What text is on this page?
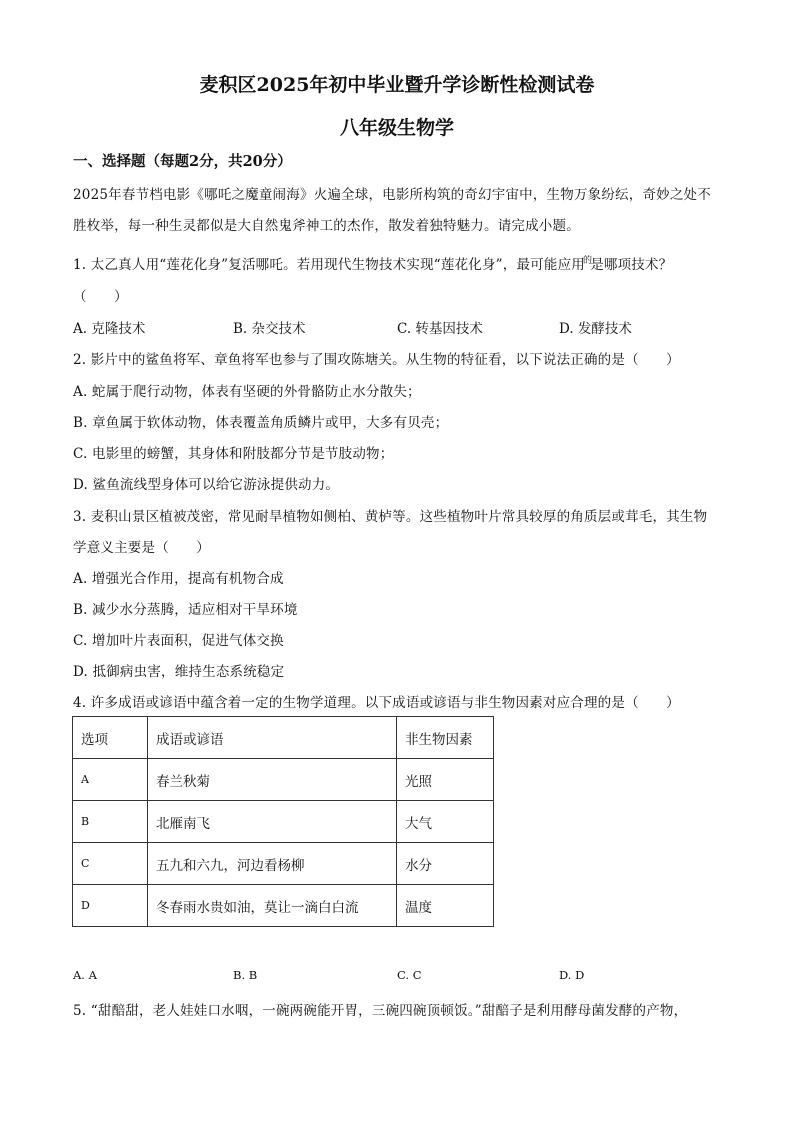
麦积区2025年初中毕业暨升学诊断性检测试卷
八年级生物学
一、选择题（每题2分，共20分）
2025年春节档电影《哪吒之魔童闹海》火遍全球，电影所构筑的奇幻宇宙中，生物万象纷纭，奇妙之处不
胜枚举，每一种生灵都似是大自然鬼斧神工的杰作，散发着独特魅力。请完成小题。
1. 太乙真人用“莲花化身”复活哪吒。若用现代生物技术实现“莲花化身”，最可能应用$^的$是哪项技术？
（　　）
A. 克隆技术	B. 杂交技术	C. 转基因技术	D. 发酵技术
2. 影片中的鲨鱼将军、章鱼将军也参与了围攻陈塘关。从生物的特征看，以下说法正确的是（　　）
A. 蛇属于爬行动物，体表有坚硬的外骨骼防止水分散失；
B. 章鱼属于软体动物，体表覆盖角质鳞片或甲，大多有贝壳；
C. 电影里的螃蟹，其身体和附肢都分节是节肢动物；
D. 鲨鱼流线型身体可以给它游泳提供动力。
3. 麦积山景区植被茂密，常见耐旱植物如侧柏、黄栌等。这些植物叶片常具较厚的角质层或茸毛，其生物
学意义主要是（　　）
A. 增强光合作用，提高有机物合成
B. 减少水分蒸腾，适应相对干旱环境
C. 增加叶片表面积，促进气体交换
D. 抵御病虫害，维持生态系统稳定
4. 许多成语或谚语中蕴含着一定的生物学道理。以下成语或谚语与非生物因素对应合理的是（　　）
选项	成语或谚语	非生物因素
A	春兰秋菊	光照
B	北雁南飞	大气
C	五九和六九，河边看杨柳	水分
D	冬春雨水贵如油，莫让一滴白白流	温度
A. A	B. B	C. C	D. D
5. “甜醅甜，老人娃娃口水咽，一碗两碗能开胃，三碗四碗顶顿饭。”甜醅子是利用酵母菌发酵的产物，
